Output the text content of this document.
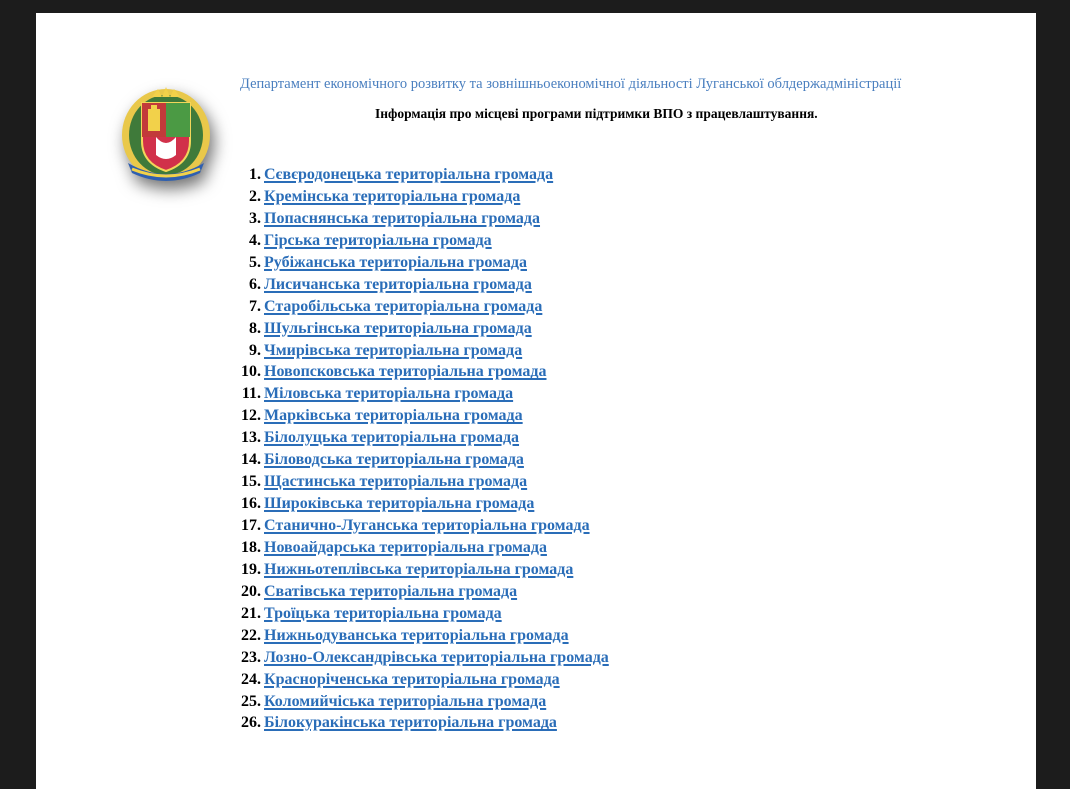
Департамент економічного розвитку та зовнішньоекономічної діяльності Луганської облдержадміністрації
Інформація про місцеві програми підтримки ВПО з працевлаштування.
1. Сєвєродонецька територіальна громада
2. Кремінська територіальна громада
3. Попаснянська територіальна громада
4. Гірська територіальна громада
5. Рубіжанська територіальна громада
6. Лисичанська територіальна громада
7. Старобільська територіальна громада
8. Шульгінська територіальна громада
9. Чмирівська територіальна громада
10. Новопсковська територіальна громада
11. Міловська територіальна громада
12. Марківська територіальна громада
13. Білолуцька територіальна громада
14. Біловодська територіальна громада
15. Щастинська територіальна громада
16. Широківська територіальна громада
17. Станично-Луганська територіальна громада
18. Новоайдарська територіальна громада
19. Нижньотеплівська територіальна громада
20. Сватівська територіальна громада
21. Троїцька територіальна громада
22. Нижньодуванська територіальна громада
23. Лозно-Олександрівська територіальна громада
24. Красноріченська територіальна громада
25. Коломийчіська територіальна громада
26. Білокуракінська територіальна громада
